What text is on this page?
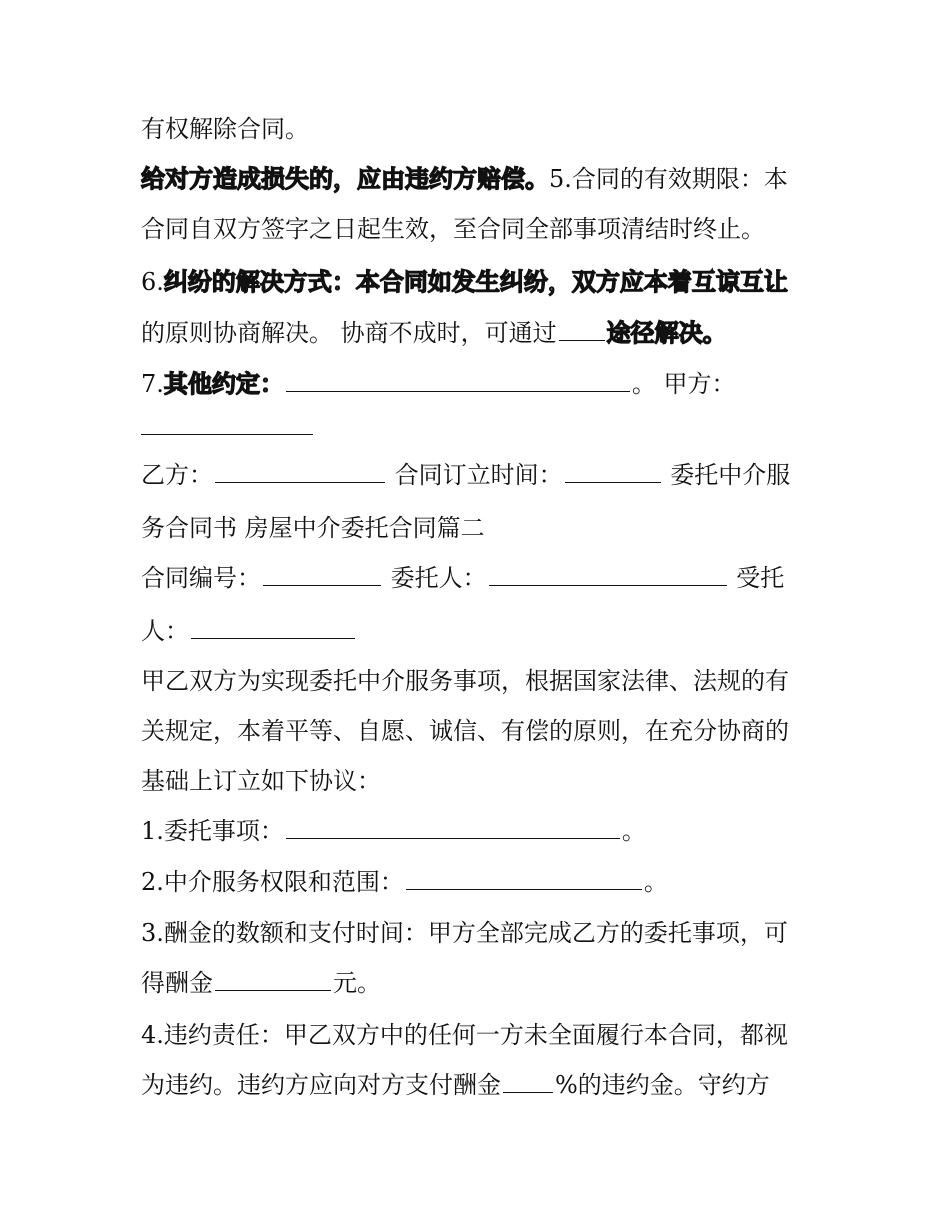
有权解除合同。
给对方造成损失的，应由违约方赔偿。5.合同的有效期限：本
合同自双方签字之日起生效，至合同全部事项清结时终止。
6.纠纷的解决方式：本合同如发生纠纷，双方应本着互谅互让
的原则协商解决。 协商不成时，可通过 途径解决。
7.其他约定：	。 甲方：
乙方：	合同订立时间：	委托中介服
务合同书 房屋中介委托合同篇二
合同编号：	委托人：	受托
人：
甲乙双方为实现委托中介服务事项，根据国家法律、法规的有
关规定，本着平等、自愿、诚信、有偿的原则，在充分协商的
基础上订立如下协议：
1.委托事项：	。
2.中介服务权限和范围：	。
3.酬金的数额和支付时间：甲方全部完成乙方的委托事项，可
得酬金	元。
4.违约责任：甲乙双方中的任何一方未全面履行本合同，都视
为违约。违约方应向对方支付酬金 %的违约金。守约方
